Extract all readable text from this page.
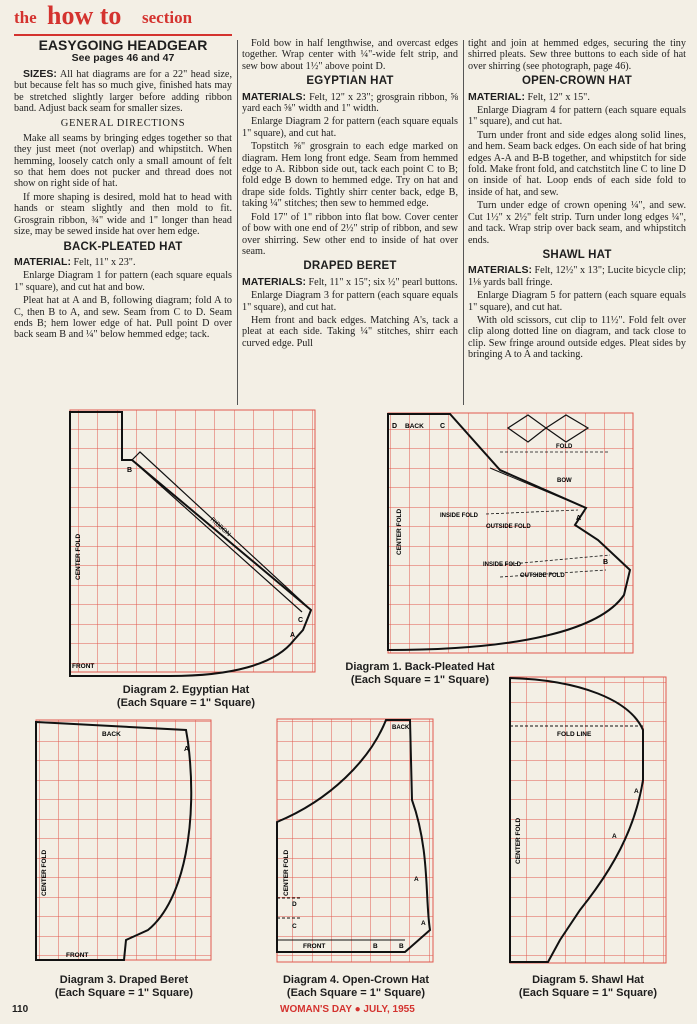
the how to section
EASYGOING HEADGEAR

See pages 46 and 47

SIZES: All hat diagrams are for a 22" head size, but because felt has so much give, finished hats may be stretched slightly larger before adding ribbon band. Adjust back seam for smaller sizes.

GENERAL DIRECTIONS

Make all seams by bringing edges together so that they just meet (not overlap) and whipstitch. When hemming, loosely catch only a small amount of felt so that hem does not pucker and thread does not show on right side of hat.

If more shaping is desired, mold hat to head with hands or steam slightly and then mold to fit. Grosgrain ribbon, ¾" wide and 1" longer than head size, may be sewed inside hat over hem edge.

BACK-PLEATED HAT

MATERIAL: Felt, 11" x 23".

Enlarge Diagram 1 for pattern (each square equals 1" square), and cut hat and bow.

Pleat hat at A and B, following diagram; fold A to C, then B to A, and sew. Seam from C to D. Seam ends B; hem lower edge of hat. Pull point D over back seam B and ¼" below hemmed edge; tack.

Fold bow in half lengthwise, and overcast edges together. Wrap center with ¼"-wide felt strip, and sew bow about 1½" above point D.

EGYPTIAN HAT

MATERIALS: Felt, 12" x 23"; grosgrain ribbon, ⅝ yard each ⅝" width and 1" width.

Enlarge Diagram 2 for pattern (each square equals 1" square), and cut hat.

Topstitch ⅝" grosgrain to each edge marked on diagram. Hem long front edge. Seam from hemmed edge to A. Ribbon side out, tack each point C to B; fold edge B down to hemmed edge. Try on hat and drape side folds. Tightly shirr center back, edge B, taking ¼" stitches; then sew to hemmed edge.

Fold 17" of 1" ribbon into flat bow. Cover center of bow with one end of 2½" strip of ribbon, and sew over shirring. Sew other end to inside of hat over seam.

DRAPED BERET

MATERIALS: Felt, 11" x 15"; six ½" pearl buttons.

Enlarge Diagram 3 for pattern (each square equals 1" square), and cut hat.

Hem front and back edges. Matching A's, tack a pleat at each side. Taking ¼" stitches, shirr each curved edge. Pull

tight and join at hemmed edges, securing the tiny shirred pleats. Sew three buttons to each side of hat over shirring (see photograph, page 46).

OPEN-CROWN HAT

MATERIAL: Felt, 12" x 15".

Enlarge Diagram 4 for pattern (each square equals 1" square), and cut hat.

Turn under front and side edges along solid lines, and hem. Seam back edges. On each side of hat bring edges A-A and B-B together, and whipstitch for side fold. Make front fold, and catchstitch line C to line D on inside of hat. Loop ends of each side fold to inside of hat, and sew.

Turn under edge of crown opening ¼", and sew. Cut 1½" x 2½" felt strip. Turn under long edges ¼", and tack. Wrap strip over back seam, and whipstitch ends.

SHAWL HAT

MATERIALS: Felt, 12½" x 13"; Lucite bicycle clip; 1⅛ yards ball fringe.

Enlarge Diagram 5 for pattern (each square equals 1" square), and cut hat.

With old scissors, cut clip to 11½". Fold felt over clip along dotted line on diagram, and tack close to clip. Sew fringe around outside edges. Pleat sides by bringing A to A and tacking.

B
C
A
RIBBON
CENTER FOLD
FRONT
D BACK C
CENTER FOLD
FOLD
BOW
INSIDE FOLD
OUTSIDE FOLD
A
INSIDE FOLD
OUTSIDE FOLD
B
BACK
CENTER FOLD
FRONT
A
BACK
CENTER FOLD
D
C
FRONT	B	B
A
A
FOLD LINE
CENTER FOLD
A
A
Diagram 2. Egyptian Hat
(Each Square = 1" Square)
Diagram 1. Back-Pleated Hat
(Each Square = 1" Square)
Diagram 3. Draped Beret
(Each Square = 1" Square)
Diagram 4. Open-Crown Hat
(Each Square = 1" Square)
Diagram 5. Shawl Hat
(Each Square = 1" Square)
110	WOMAN'S DAY ● JULY, 1955
